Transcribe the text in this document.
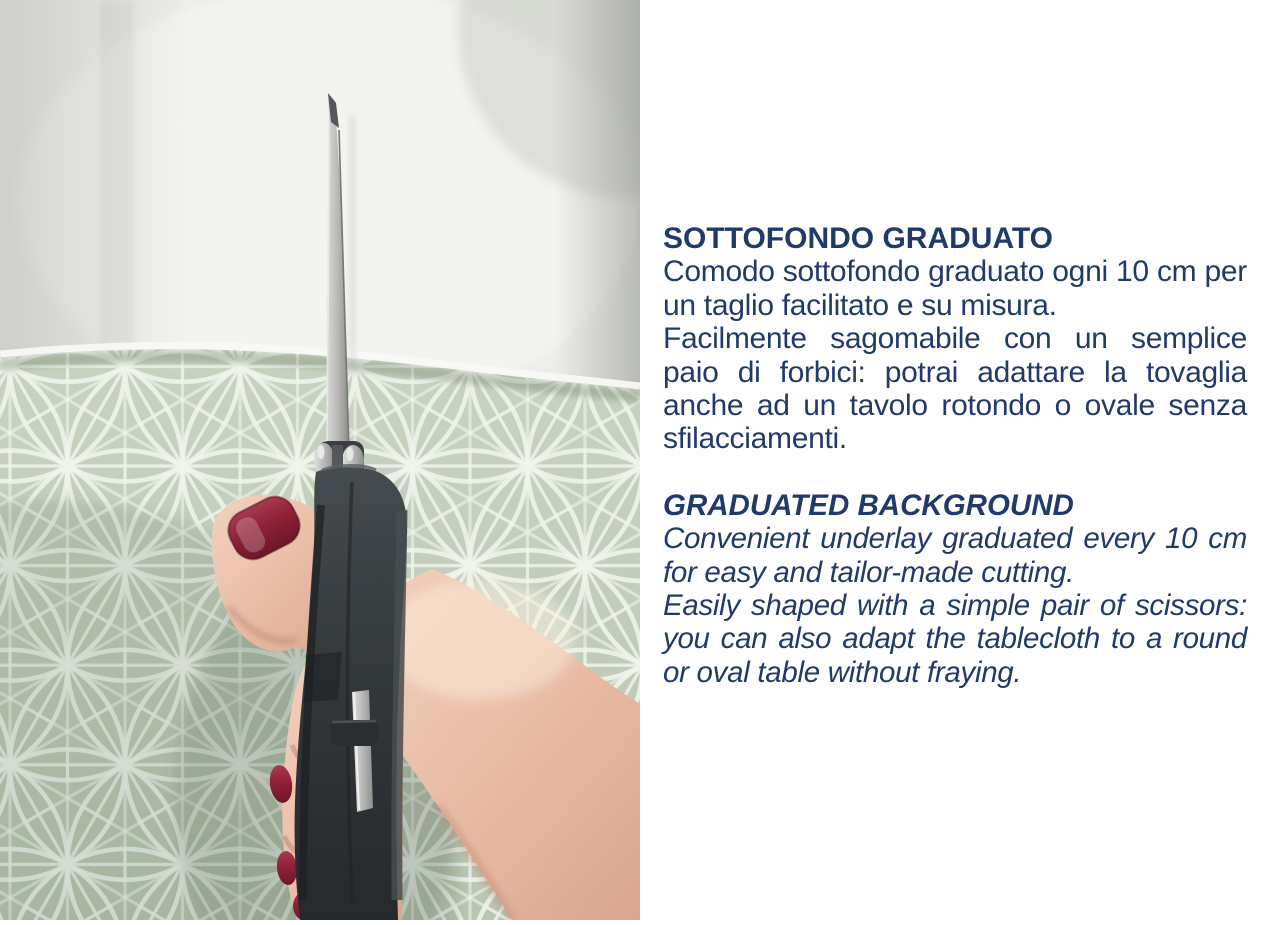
SOTTOFONDO GRADUATO

Comodo sottofondo graduato ogni 10 cm per un taglio facilitato e su misura.

Facilmente sagomabile con un semplice paio di forbici: potrai adattare la tovaglia anche ad un tavolo rotondo o ovale senza sfilacciamenti.

GRADUATED BACKGROUND

Convenient underlay graduated every 10 cm for easy and tailor-made cutting.

Easily shaped with a simple pair of scissors: you can also adapt the tablecloth to a round or oval table without fraying.
